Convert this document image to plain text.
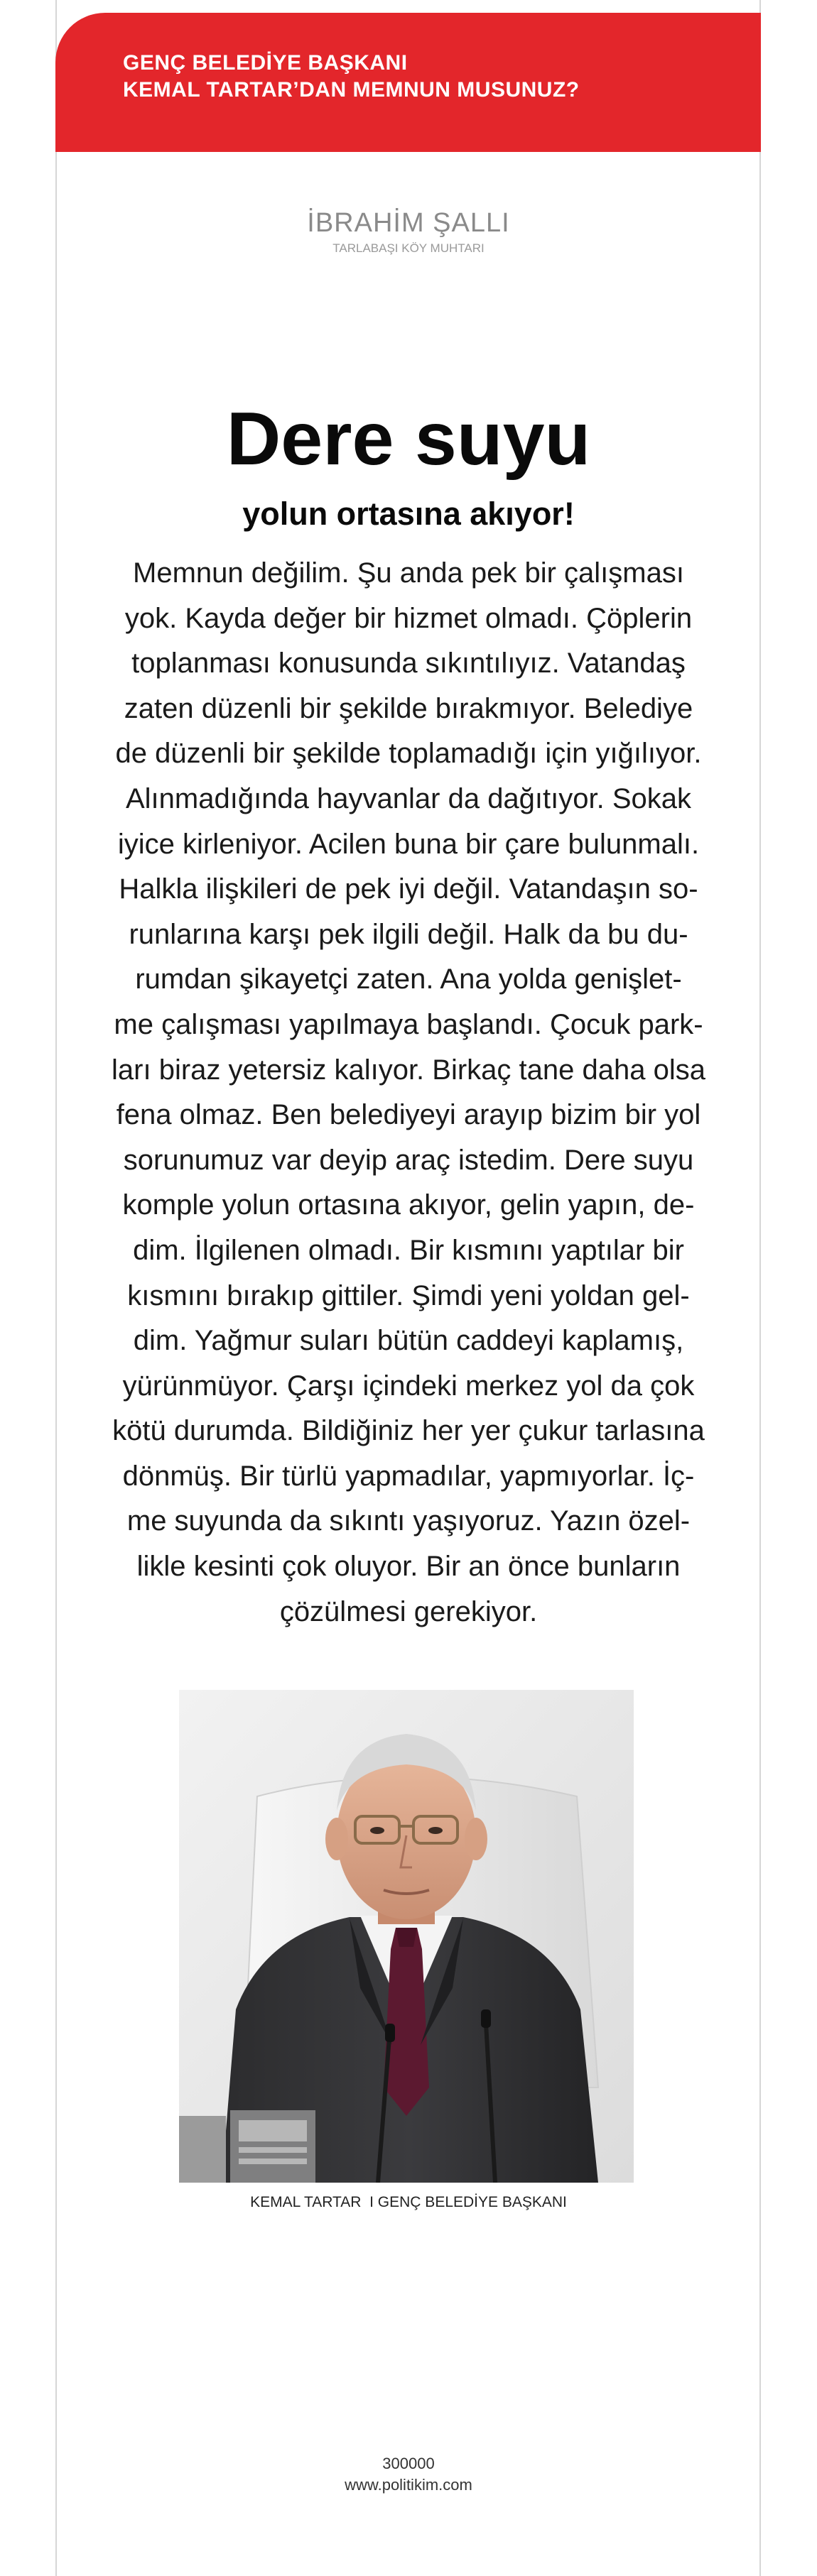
GENÇ BELEDİYE BAŞKANI
KEMAL TARTAR’DAN MEMNUN MUSUNUZ?
İBRAHİM ŞALLI
TARLABAŞI KÖY MUHTARI
Dere suyu
yolun ortasına akıyor!
Memnun değilim. Şu anda pek bir çalışması
yok. Kayda değer bir hizmet olmadı. Çöplerin
toplanması konusunda sıkıntılıyız. Vatandaş
zaten düzenli bir şekilde bırakmıyor. Belediye
de düzenli bir şekilde toplamadığı için yığılıyor.
Alınmadığında hayvanlar da dağıtıyor. Sokak
iyice kirleniyor. Acilen buna bir çare bulunmalı.
Halkla ilişkileri de pek iyi değil. Vatandaşın so-
runlarına karşı pek ilgili değil. Halk da bu du-
rumdan şikayetçi zaten. Ana yolda genişlet-
me çalışması yapılmaya başlandı. Çocuk park-
ları biraz yetersiz kalıyor. Birkaç tane daha olsa
fena olmaz. Ben belediyeyi arayıp bizim bir yol
sorunumuz var deyip araç istedim. Dere suyu
komple yolun ortasına akıyor, gelin yapın, de-
dim. İlgilenen olmadı. Bir kısmını yaptılar bir
kısmını bırakıp gittiler. Şimdi yeni yoldan gel-
dim. Yağmur suları bütün caddeyi kaplamış,
yürünmüyor. Çarşı içindeki merkez yol da çok
kötü durumda. Bildiğiniz her yer çukur tarlasına
dönmüş. Bir türlü yapmadılar, yapmıyorlar. İç-
me suyunda da sıkıntı yaşıyoruz. Yazın özel-
likle kesinti çok oluyor. Bir an önce bunların
çözülmesi gerekiyor.
KEMAL TARTAR  I GENÇ BELEDİYE BAŞKANI
300000
www.politikim.com
